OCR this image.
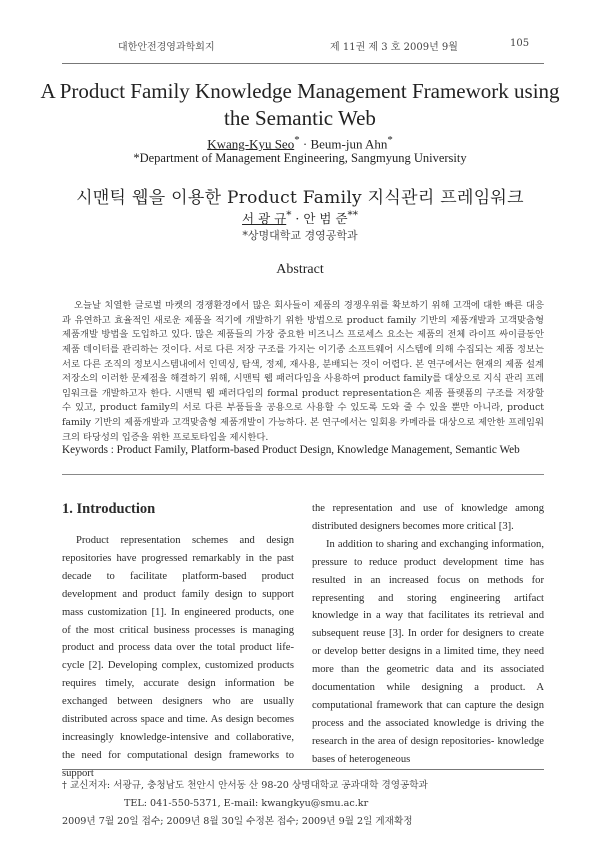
대한안전경영과학회지	제 11권 제 3 호 2009년 9월	105
A Product Family Knowledge Management Framework using
the Semantic Web
Kwang-Kyu Seo* · Beum-jun Ahn*
*Department of Management Engineering, Sangmyung University
시맨틱 웹을 이용한 Product Family 지식관리 프레임워크
서 광 규* · 안 범 준**
*상명대학교 경영공학과
Abstract

오늘날 치열한 글로벌 마켓의 경쟁환경에서 많은 회사들이 제품의 경쟁우위를 확보하기 위해 고객에 대한 빠른 대응과 유연하고 효율적인 새로운 제품을 적기에 개발하기 위한 방법으로 product family 기반의 제품개발과 고객맞춤형 제품개발 방법을 도입하고 있다. 많은 제품들의 가장 중요한 비즈니스 프로세스 요소는 제품의 전체 라이프 싸이클동안 제품 데이터를 관리하는 것이다. 서로 다른 저장 구조를 가지는 이기종 소프트웨어 시스템에 의해 수집되는 제품 정보는 서로 다른 조직의 정보시스템내에서 인덱싱, 탐색, 정제, 재사용, 분배되는 것이 어렵다. 본 연구에서는 현재의 제품 설계 저장소의 이러한 문제점을 해결하기 위해, 시맨틱 웹 패러다임을 사용하여 product family를 대상으로 지식 관리 프레임워크를 개발하고자 한다. 시맨틱 웹 패러다임의 formal product representation은 제품 플랫폼의 구조를 저장할 수 있고, product family의 서로 다른 부품들을 공용으로 사용할 수 있도록 도와 줄 수 있을 뿐만 아니라, product family 기반의 제품개발과 고객맞춤형 제품개발이 가능하다. 본 연구에서는 일회용 카메라를 대상으로 제안한 프레임워크의 타당성의 입증을 위한 프로토타입을 제시한다.

Keywords : Product Family, Platform-based Product Design, Knowledge Management, Semantic Web
1. Introduction

Product representation schemes and design repositories have progressed remarkably in the past decade to facilitate platform-based product development and product family design to support mass customization [1]. In engineered products, one of the most critical business processes is managing product and process data over the total product life-cycle [2]. Developing complex, customized products requires timely, accurate design information be exchanged between designers who are usually distributed across space and time. As design becomes increasingly knowledge-intensive and collaborative, the need for computational design frameworks to support

the representation and use of knowledge among distributed designers becomes more critical [3].

In addition to sharing and exchanging information, pressure to reduce product development time has resulted in an increased focus on methods for representing and storing engineering artifact knowledge in a way that facilitates its retrieval and subsequent reuse [3]. In order for designers to create or develop better designs in a limited time, they need more than the geometric data and its associated documentation while designing a product. A computational framework that can capture the design process and the associated knowledge is driving the research in the area of design repositories- knowledge bases of heterogeneous

† 교신저자: 서광규, 충청남도 천안시 안서동 산 98-20 상명대학교 공과대학 경영공학과
TEL: 041-550-5371, E-mail: kwangkyu@smu.ac.kr
2009년 7월 20일 접수; 2009년 8월 30일 수정본 접수; 2009년 9월 2일 게재확정
